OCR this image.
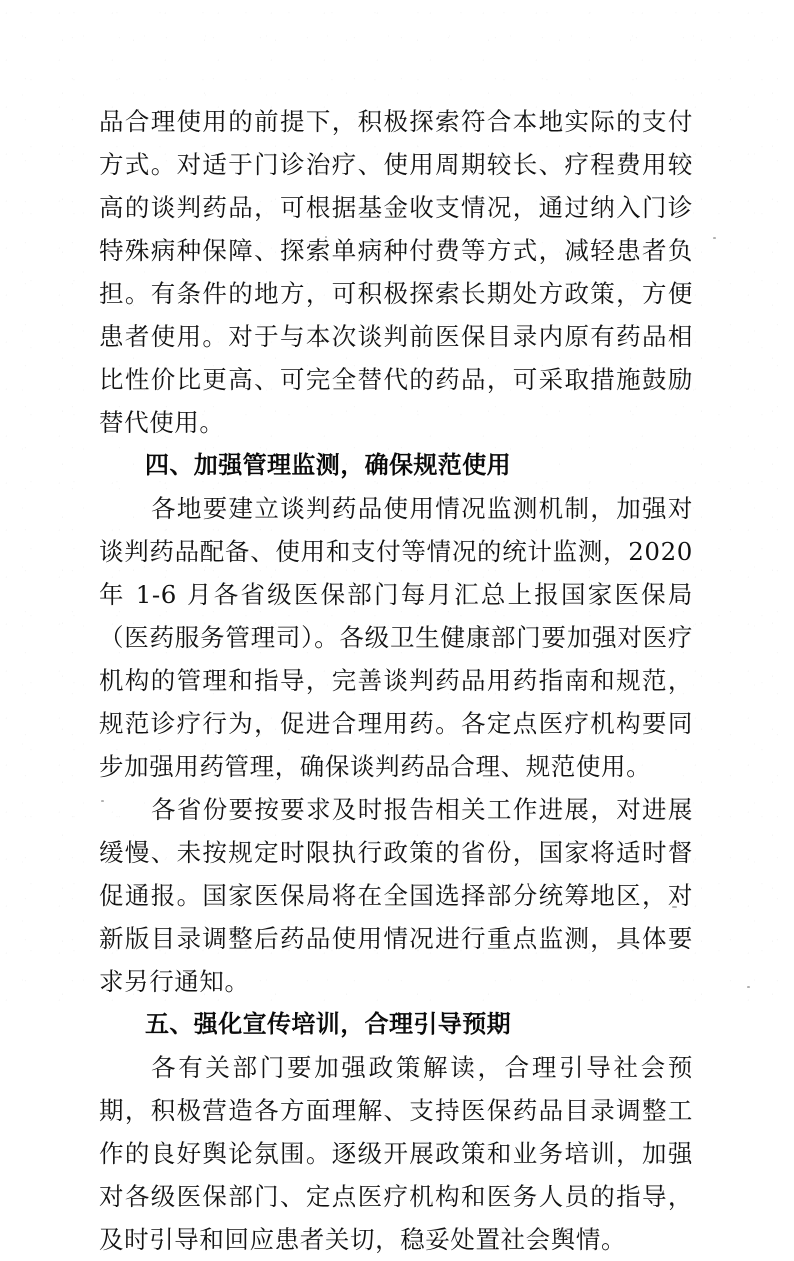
品合理使用的前提下，积极探索符合本地实际的支付方式。对适于门诊治疗、使用周期较长、疗程费用较高的谈判药品，可根据基金收支情况，通过纳入门诊特殊病种保障、探索单病种付费等方式，减轻患者负担。有条件的地方，可积极探索长期处方政策，方便患者使用。对于与本次谈判前医保目录内原有药品相比性价比更高、可完全替代的药品，可采取措施鼓励替代使用。

四、加强管理监测，确保规范使用

各地要建立谈判药品使用情况监测机制，加强对谈判药品配备、使用和支付等情况的统计监测，2020 年 1-6 月各省级医保部门每月汇总上报国家医保局（医药服务管理司）。各级卫生健康部门要加强对医疗机构的管理和指导，完善谈判药品用药指南和规范，规范诊疗行为，促进合理用药。各定点医疗机构要同步加强用药管理，确保谈判药品合理、规范使用。

各省份要按要求及时报告相关工作进展，对进展缓慢、未按规定时限执行政策的省份，国家将适时督促通报。国家医保局将在全国选择部分统筹地区，对新版目录调整后药品使用情况进行重点监测，具体要求另行通知。

五、强化宣传培训，合理引导预期

各有关部门要加强政策解读，合理引导社会预期，积极营造各方面理解、支持医保药品目录调整工作的良好舆论氛围。逐级开展政策和业务培训，加强对各级医保部门、定点医疗机构和医务人员的指导，及时引导和回应患者关切，稳妥处置社会舆情。
